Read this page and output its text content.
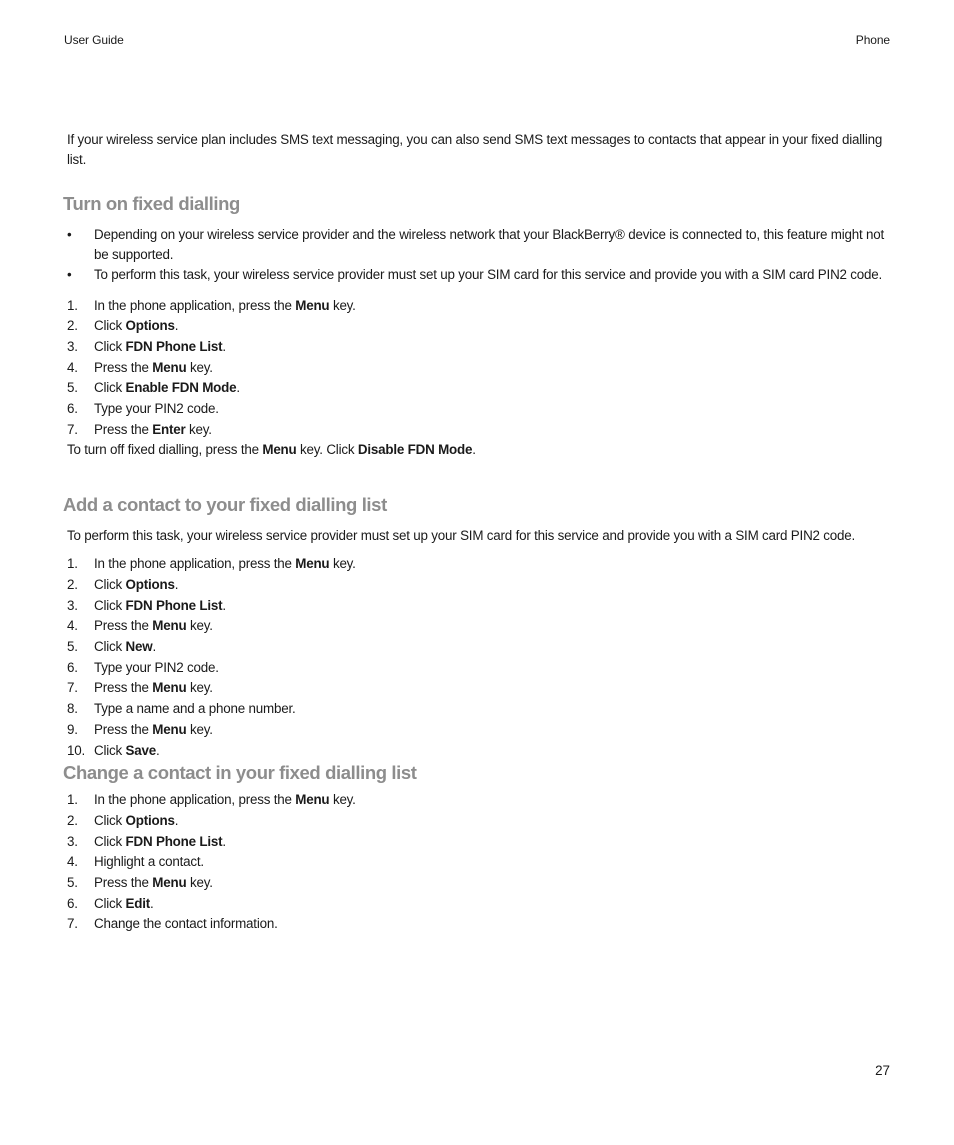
User Guide	Phone

If your wireless service plan includes SMS text messaging, you can also send SMS text messages to contacts that appear in your fixed dialling list.

Turn on fixed dialling
• Depending on your wireless service provider and the wireless network that your BlackBerry® device is connected to, this feature might not be supported.
• To perform this task, your wireless service provider must set up your SIM card for this service and provide you with a SIM card PIN2 code.
1. In the phone application, press the Menu key.
2. Click Options.
3. Click FDN Phone List.
4. Press the Menu key.
5. Click Enable FDN Mode.
6. Type your PIN2 code.
7. Press the Enter key.

To turn off fixed dialling, press the Menu key. Click Disable FDN Mode.

Add a contact to your fixed dialling list

To perform this task, your wireless service provider must set up your SIM card for this service and provide you with a SIM card PIN2 code.

1. In the phone application, press the Menu key.
2. Click Options.
3. Click FDN Phone List.
4. Press the Menu key.
5. Click New.
6. Type your PIN2 code.
7. Press the Menu key.
8. Type a name and a phone number.
9. Press the Menu key.
10. Click Save.
Change a contact in your fixed dialling list
1. In the phone application, press the Menu key.
2. Click Options.
3. Click FDN Phone List.
4. Highlight a contact.
5. Press the Menu key.
6. Click Edit.
7. Change the contact information.
27
